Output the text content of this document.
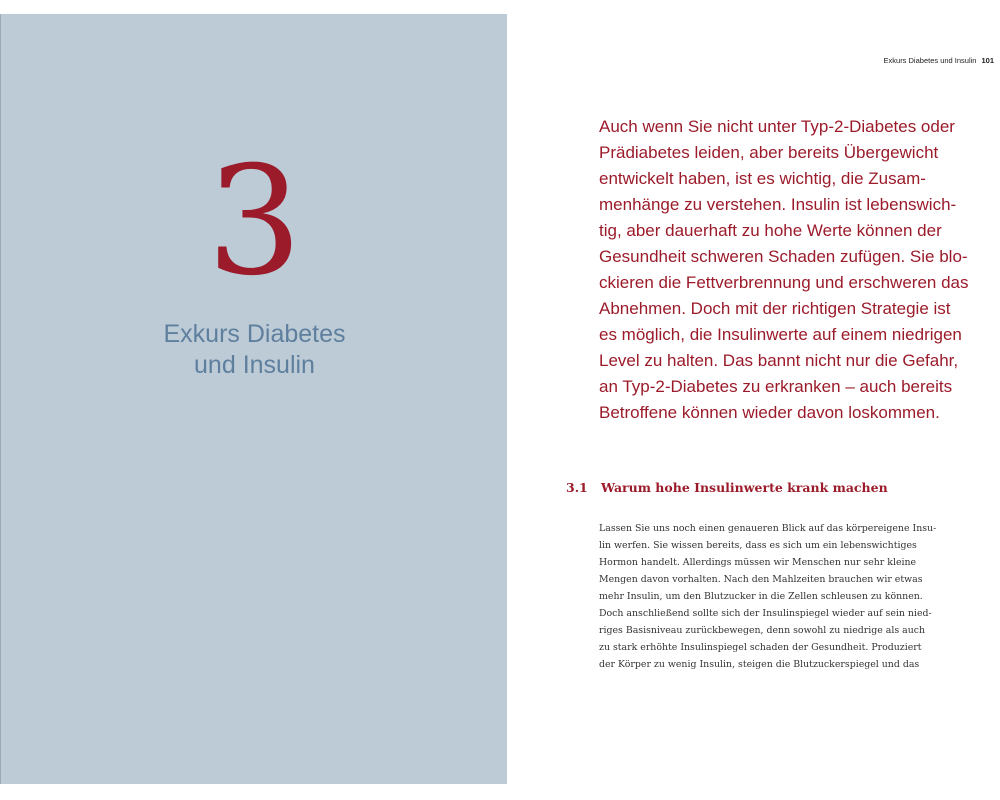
3
Exkurs Diabetes
und Insulin
Exkurs Diabetes und Insulin 101
Auch wenn Sie nicht unter Typ-2-Diabetes oder
Prädiabetes leiden, aber bereits Übergewicht
entwickelt haben, ist es wichtig, die Zusam-
menhänge zu verstehen. Insulin ist lebenswich-
tig, aber dauerhaft zu hohe Werte können der
Gesundheit schweren Schaden zufügen. Sie blo-
ckieren die Fettverbrennung und erschweren das
Abnehmen. Doch mit der richtigen Strategie ist
es möglich, die Insulinwerte auf einem niedrigen
Level zu halten. Das bannt nicht nur die Gefahr,
an Typ-2-Diabetes zu erkranken – auch bereits
Betroffene können wieder davon loskommen.
3.1 Warum hohe Insulinwerte krank machen
Lassen Sie uns noch einen genaueren Blick auf das körpereigene Insu-
lin werfen. Sie wissen bereits, dass es sich um ein lebenswichtiges
Hormon handelt. Allerdings müssen wir Menschen nur sehr kleine
Mengen davon vorhalten. Nach den Mahlzeiten brauchen wir etwas
mehr Insulin, um den Blutzucker in die Zellen schleusen zu können.
Doch anschließend sollte sich der Insulinspiegel wieder auf sein nied-
riges Basisniveau zurückbewegen, denn sowohl zu niedrige als auch
zu stark erhöhte Insulinspiegel schaden der Gesundheit. Produziert
der Körper zu wenig Insulin, steigen die Blutzuckerspiegel und das
